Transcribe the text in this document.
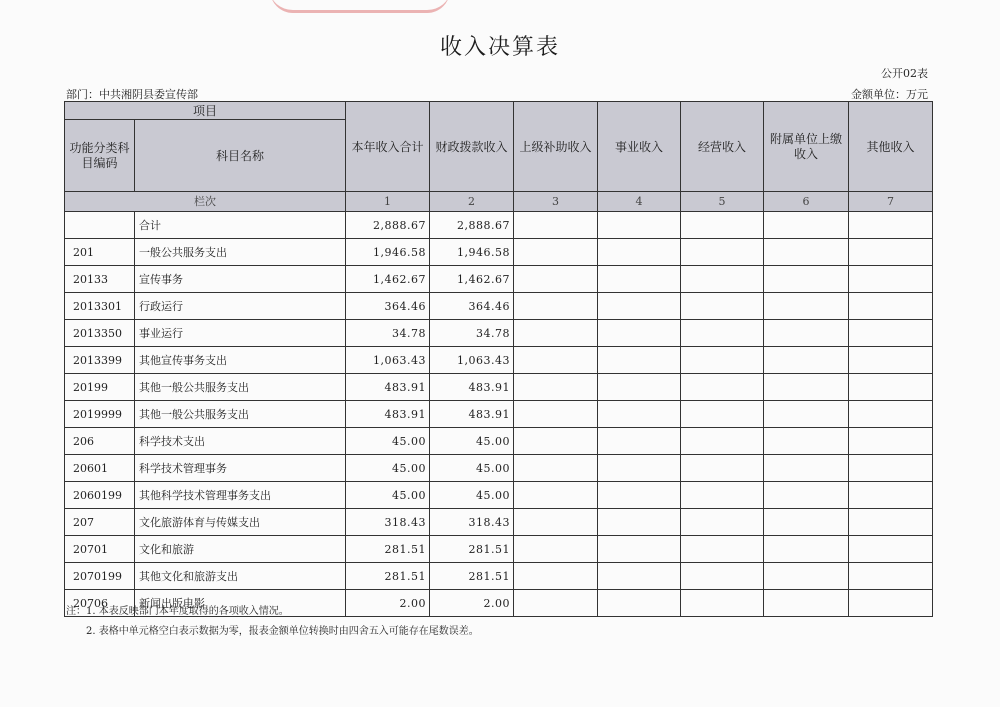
收入决算表
公开02表
部门：中共湘阴县委宣传部	金额单位：万元
项目		本年收入合计	财政拨款收入	上级补助收入	事业收入	经营收入	附属单位上缴收入	其他收入
功能分类科目编码	科目名称							
栏次		1	2	3	4	5	6	7
	合计	2,888.67	2,888.67					
201	一般公共服务支出	1,946.58	1,946.58					
20133	宣传事务	1,462.67	1,462.67					
2013301	行政运行	364.46	364.46					
2013350	事业运行	34.78	34.78					
2013399	其他宣传事务支出	1,063.43	1,063.43					
20199	其他一般公共服务支出	483.91	483.91					
2019999	其他一般公共服务支出	483.91	483.91					
206	科学技术支出	45.00	45.00					
20601	科学技术管理事务	45.00	45.00					
2060199	其他科学技术管理事务支出	45.00	45.00					
207	文化旅游体育与传媒支出	318.43	318.43					
20701	文化和旅游	281.51	281.51					
2070199	其他文化和旅游支出	281.51	281.51					
20706	新闻出版电影	2.00	2.00					
注：1. 本表反映部门本年度取得的各项收入情况。
2. 表格中单元格空白表示数据为零，报表金额单位转换时由四舍五入可能存在尾数误差。
